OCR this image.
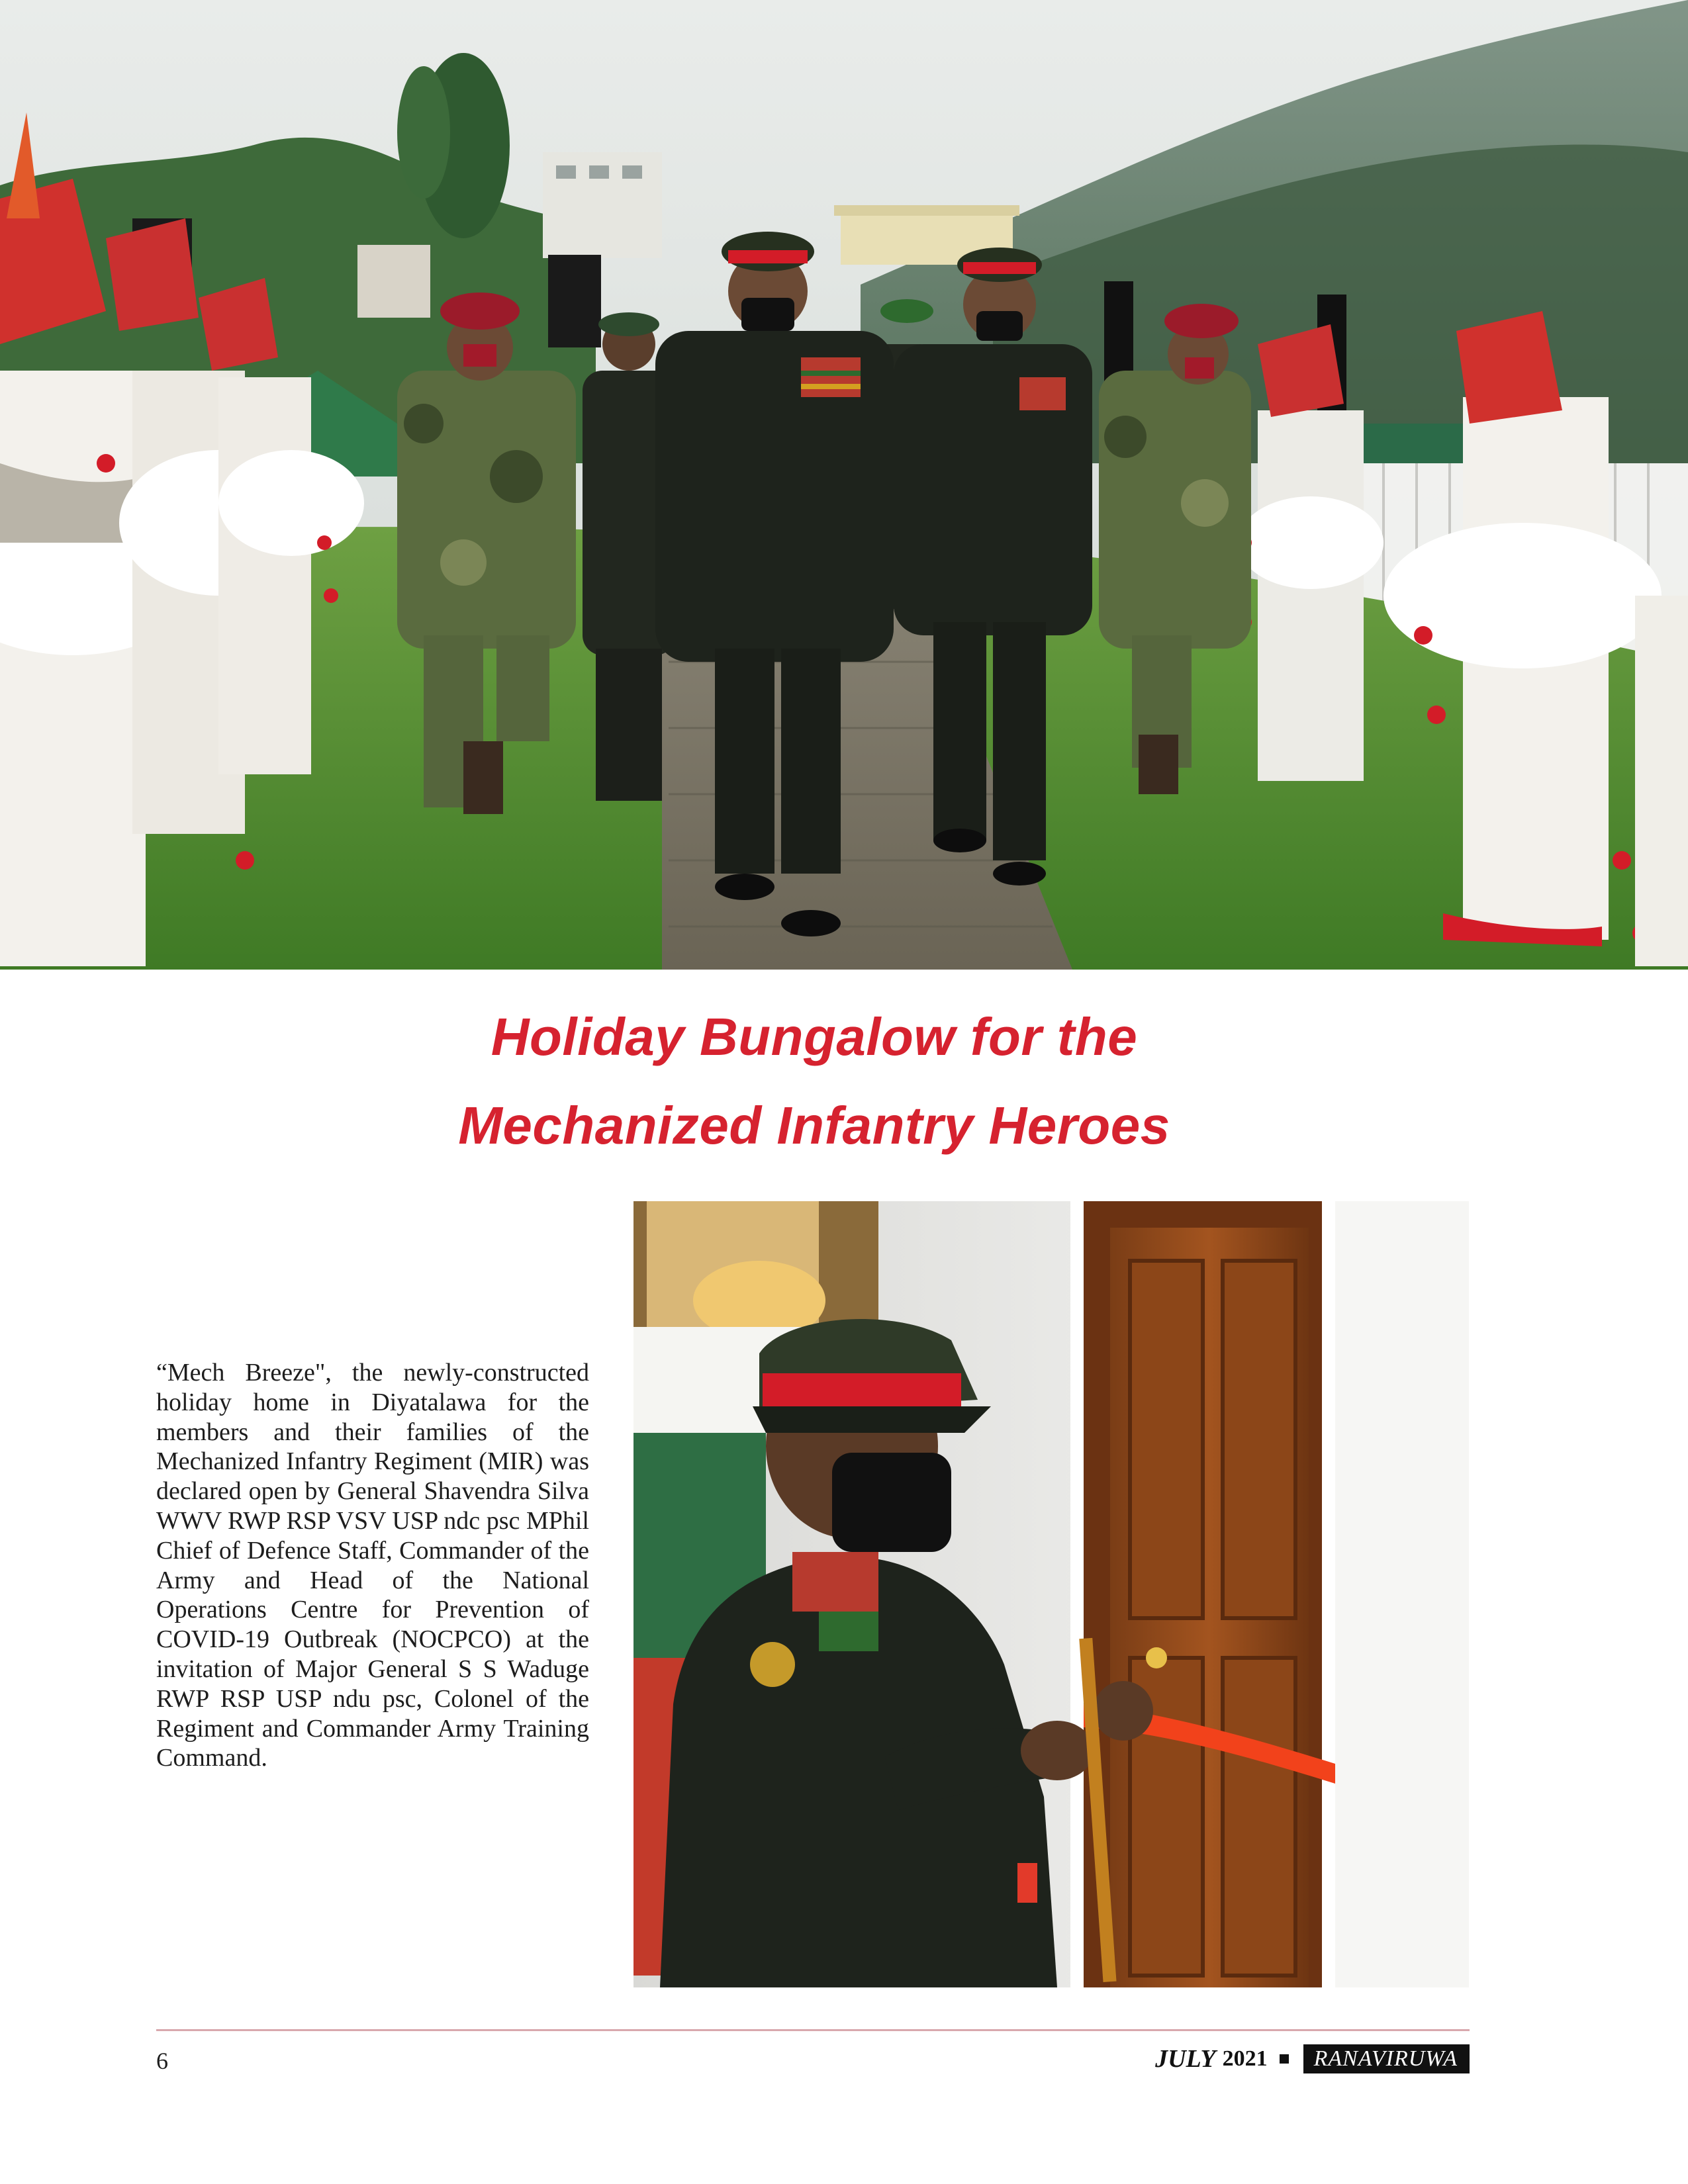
Holiday Bungalow for the
Mechanized Infantry Heroes
“Mech Breeze", the newly-constructed holiday home in Diyatalawa for the members and their families of the Mechanized Infantry Regiment (MIR) was declared open by General Shavendra Silva WWV RWP RSP VSV USP ndc psc MPhil Chief of Defence Staff, Commander of the Army and Head of the National Operations Centre for Prevention of COVID-19 Outbreak (NOCPCO) at the invitation of Major General S S Waduge RWP RSP USP ndu psc, Colonel of the Regiment and Commander Army Training Command.
6	JULY 2021	RANAVIRUWA
